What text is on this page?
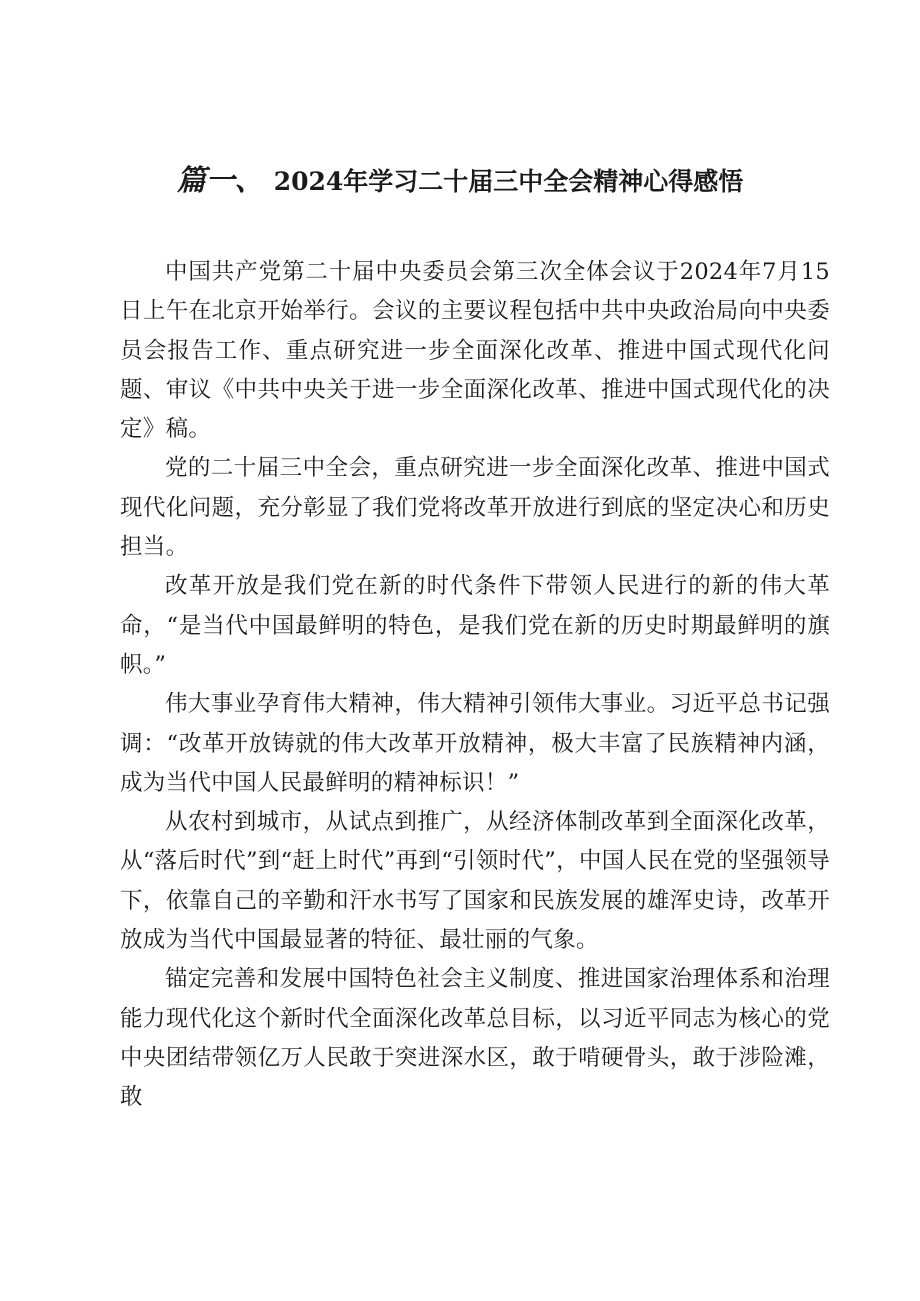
篇一、 2024年学习二十届三中全会精神心得感悟

中国共产党第二十届中央委员会第三次全体会议于2024年7月15日上午在北京开始举行。会议的主要议程包括中共中央政治局向中央委员会报告工作、重点研究进一步全面深化改革、推进中国式现代化问题、审议《中共中央关于进一步全面深化改革、推进中国式现代化的决定》稿。

党的二十届三中全会，重点研究进一步全面深化改革、推进中国式现代化问题，充分彰显了我们党将改革开放进行到底的坚定决心和历史担当。

改革开放是我们党在新的时代条件下带领人民进行的新的伟大革命，“是当代中国最鲜明的特色，是我们党在新的历史时期最鲜明的旗帜。”

伟大事业孕育伟大精神，伟大精神引领伟大事业。习近平总书记强调：“改革开放铸就的伟大改革开放精神，极大丰富了民族精神内涵，成为当代中国人民最鲜明的精神标识！”

从农村到城市，从试点到推广，从经济体制改革到全面深化改革，从“落后时代”到“赶上时代”再到“引领时代”，中国人民在党的坚强领导下，依靠自己的辛勤和汗水书写了国家和民族发展的雄浑史诗，改革开放成为当代中国最显著的特征、最壮丽的气象。

锚定完善和发展中国特色社会主义制度、推进国家治理体系和治理能力现代化这个新时代全面深化改革总目标，以习近平同志为核心的党中央团结带领亿万人民敢于突进深水区，敢于啃硬骨头，敢于涉险滩，敢
